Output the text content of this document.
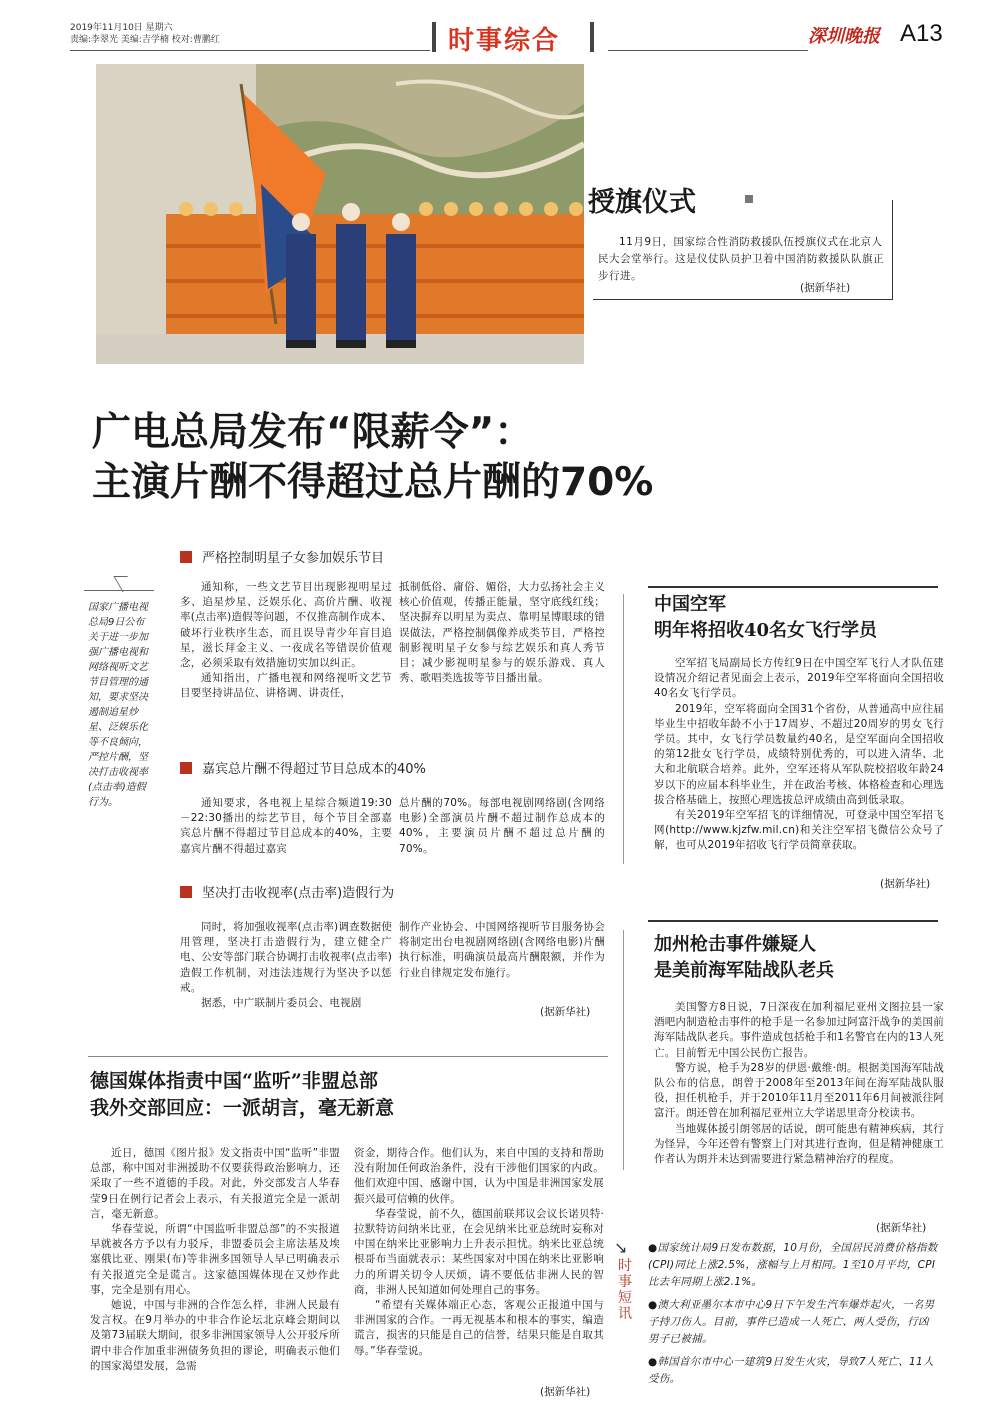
2019年11月10日 星期六
责编:李翠光 美编:吉学楠 校对:曹鹏红	时事综合	深圳晚报 A13
授旗仪式
11月9日，国家综合性消防救援队伍授旗仪式在北京人民大会堂举行。这是仪仗队员护卫着中国消防救援队队旗正步行进。
(据新华社)
广电总局发布“限薪令”：
主演片酬不得超过总片酬的70%
国家广播电视总局9日公布关于进一步加强广播电视和网络视听文艺节目管理的通知，要求坚决遏制追星炒星、泛娱乐化等不良倾向，严控片酬，坚决打击收视率(点击率)造假行为。
严格控制明星子女参加娱乐节目

通知称，一些文艺节目出现影视明星过多、追星炒星、泛娱乐化、高价片酬、收视率(点击率)造假等问题，不仅推高制作成本、破坏行业秩序生态，而且误导青少年盲目追星，滋长拜金主义、一夜成名等错误价值观念，必须采取有效措施切实加以纠正。

通知指出，广播电视和网络视听文艺节目要坚持讲品位、讲格调、讲责任，

抵制低俗、庸俗、媚俗，大力弘扬社会主义核心价值观，传播正能量，坚守底线红线；坚决摒弃以明星为卖点、靠明星博眼球的错误做法，严格控制偶像养成类节目，严格控制影视明星子女参与综艺娱乐和真人秀节目；减少影视明星参与的娱乐游戏、真人秀、歌唱类选拔等节目播出量。

嘉宾总片酬不得超过节目总成本的40%

通知要求，各电视上星综合频道19:30－22:30播出的综艺节目，每个节目全部嘉宾总片酬不得超过节目总成本的40%，主要嘉宾片酬不得超过嘉宾

总片酬的70%。每部电视剧网络剧(含网络电影)全部演员片酬不超过制作总成本的40%，主要演员片酬不超过总片酬的70%。

坚决打击收视率(点击率)造假行为

同时，将加强收视率(点击率)调查数据使用管理，坚决打击造假行为，建立健全广电、公安等部门联合协调打击收视率(点击率)造假工作机制，对违法违规行为坚决予以惩戒。

据悉，中广联制片委员会、电视剧

制作产业协会、中国网络视听节目服务协会将制定出台电视剧网络剧(含网络电影)片酬执行标准，明确演员最高片酬限额，并作为行业自律规定发布施行。

(据新华社)
中国空军
明年将招收40名女飞行学员

空军招飞局副局长方传红9日在中国空军飞行人才队伍建设情况介绍记者见面会上表示，2019年空军将面向全国招收40名女飞行学员。

2019年，空军将面向全国31个省份，从普通高中应往届毕业生中招收年龄不小于17周岁、不超过20周岁的男女飞行学员。其中，女飞行学员数量约40名，是空军面向全国招收的第12批女飞行学员，成绩特别优秀的，可以进入清华、北大和北航联合培养。此外，空军还将从军队院校招收年龄24岁以下的应届本科毕业生，并在政治考核、体格检查和心理选拔合格基础上，按照心理选拔总评成绩由高到低录取。

有关2019年空军招飞的详细情况，可登录中国空军招飞网(http://www.kjzfw.mil.cn)和关注空军招飞微信公众号了解，也可从2019年招收飞行学员简章获取。

(据新华社)
加州枪击事件嫌疑人
是美前海军陆战队老兵

美国警方8日说，7日深夜在加利福尼亚州文图拉县一家酒吧内制造枪击事件的枪手是一名参加过阿富汗战争的美国前海军陆战队老兵。事件造成包括枪手和1名警官在内的13人死亡。目前暂无中国公民伤亡报告。

警方说，枪手为28岁的伊恩·戴维·朗。根据美国海军陆战队公布的信息，朗曾于2008年至2013年间在海军陆战队服役，担任机枪手，并于2010年11月至2011年6月间被派往阿富汗。朗还曾在加利福尼亚州立大学诺思里奇分校读书。

当地媒体援引朗邻居的话说，朗可能患有精神疾病，其行为怪异，今年还曾有警察上门对其进行查询，但是精神健康工作者认为朗并未达到需要进行紧急精神治疗的程度。

(据新华社)
德国媒体指责中国“监听”非盟总部
我外交部回应：一派胡言，毫无新意

近日，德国《图片报》发文指责中国“监听”非盟总部，称中国对非洲援助不仅要获得政治影响力，还采取了一些不道德的手段。对此，外交部发言人华春莹9日在例行记者会上表示，有关报道完全是一派胡言，毫无新意。

华春莹说，所谓“中国监听非盟总部”的不实报道早就被各方予以有力驳斥，非盟委员会主席法基及埃塞俄比亚、刚果(布)等非洲多国领导人早已明确表示有关报道完全是谎言。这家德国媒体现在又炒作此事，完全是别有用心。

她说，中国与非洲的合作怎么样，非洲人民最有发言权。在9月举办的中非合作论坛北京峰会期间以及第73届联大期间，很多非洲国家领导人公开驳斥所谓中非合作加重非洲债务负担的谬论，明确表示他们的国家渴望发展，急需

资金，期待合作。他们认为，来自中国的支持和帮助没有附加任何政治条件，没有干涉他们国家的内政。他们欢迎中国、感谢中国，认为中国是非洲国家发展振兴最可信赖的伙伴。

华春莹说，前不久，德国前联邦议会议长诺贝特·拉默特访问纳米比亚，在会见纳米比亚总统时妄称对中国在纳米比亚影响力上升表示担忧。纳米比亚总统根哥布当面就表示：某些国家对中国在纳米比亚影响力的所谓关切令人厌烦，请不要低估非洲人民的智商，非洲人民知道如何处理自己的事务。

“希望有关媒体端正心态，客观公正报道中国与非洲国家的合作。一再无视基本和根本的事实，编造谎言，损害的只能是自己的信誉，结果只能是自取其辱。”华春莹说。

(据新华社)
↘
时
事
短
讯

●国家统计局9日发布数据，10月份，全国居民消费价格指数(CPI)同比上涨2.5%，涨幅与上月相同。1至10月平均，CPI比去年同期上涨2.1%。

●澳大利亚墨尔本市中心9日下午发生汽车爆炸起火，一名男子持刀伤人。目前，事件已造成一人死亡、两人受伤，行凶男子已被捕。

●韩国首尔市中心一建筑9日发生火灾，导致7人死亡、11人受伤。
